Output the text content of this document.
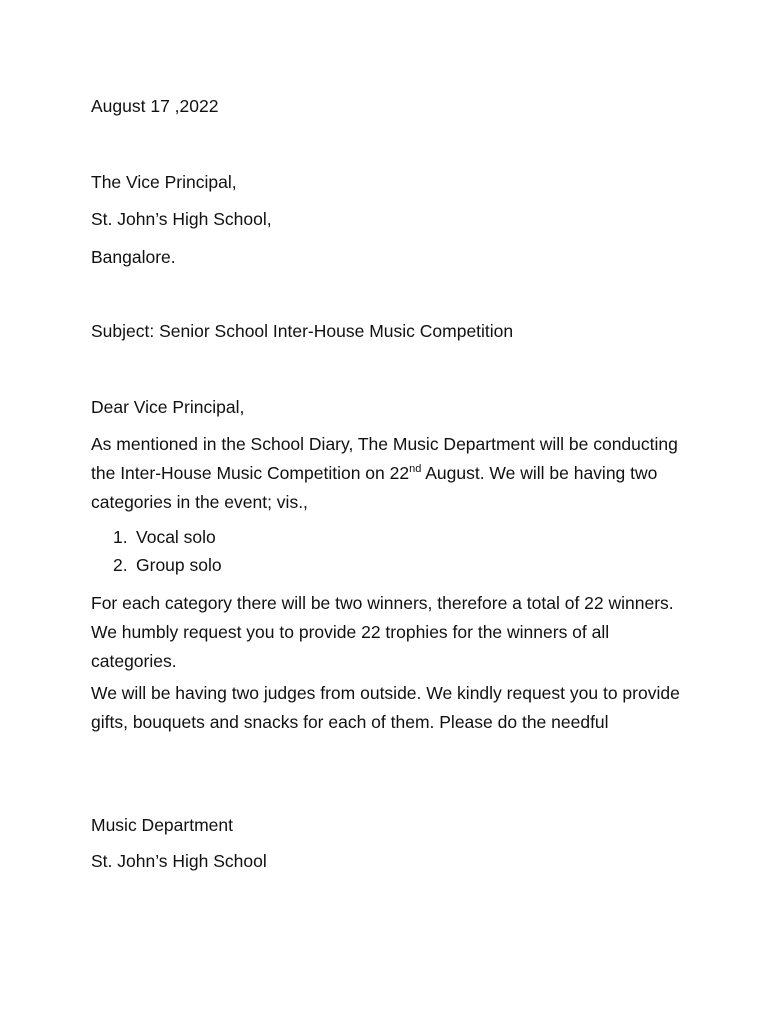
August 17 ,2022
The Vice Principal,
St. John’s High School,
Bangalore.
Subject: Senior School Inter-House Music Competition
Dear Vice Principal,
As mentioned in the School Diary, The Music Department will be conducting the Inter-House Music Competition on 22nd August. We will be having two categories in the event; vis.,
1. Vocal solo
2. Group solo
For each category there will be two winners, therefore a total of 22 winners. We humbly request you to provide 22 trophies for the winners of all categories.
We will be having two judges from outside. We kindly request you to provide gifts, bouquets and snacks for each of them. Please do the needful
Music Department
St. John’s High School
